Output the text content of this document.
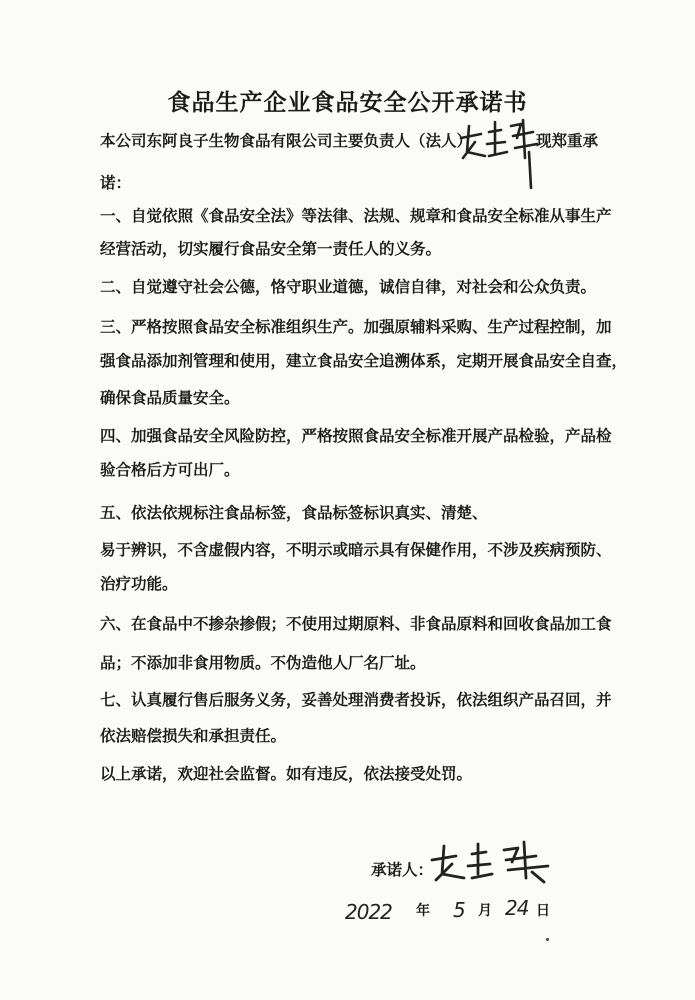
食品生产企业食品安全公开承诺书

本公司东阿良子生物食品有限公司主要负责人（法人）	现郑重承

诺：

一、自觉依照《食品安全法》等法律、法规、规章和食品安全标准从事生产

经营活动，切实履行食品安全第一责任人的义务。

二、自觉遵守社会公德，恪守职业道德，诚信自律，对社会和公众负责。

三、严格按照食品安全标准组织生产。加强原辅料采购、生产过程控制，加

强食品添加剂管理和使用，建立食品安全追溯体系，定期开展食品安全自查，

确保食品质量安全。

四、加强食品安全风险防控，严格按照食品安全标准开展产品检验，产品检

验合格后方可出厂。

五、依法依规标注食品标签，食品标签标识真实、清楚、

易于辨识，不含虚假内容，不明示或暗示具有保健作用，不涉及疾病预防、

治疗功能。

六、在食品中不掺杂掺假；不使用过期原料、非食品原料和回收食品加工食

品；不添加非食用物质。不伪造他人厂名厂址。

七、认真履行售后服务义务，妥善处理消费者投诉，依法组织产品召回，并

依法赔偿损失和承担责任。

以上承诺，欢迎社会监督。如有违反，依法接受处罚。

承诺人：

2022 年 5 月 24 日
